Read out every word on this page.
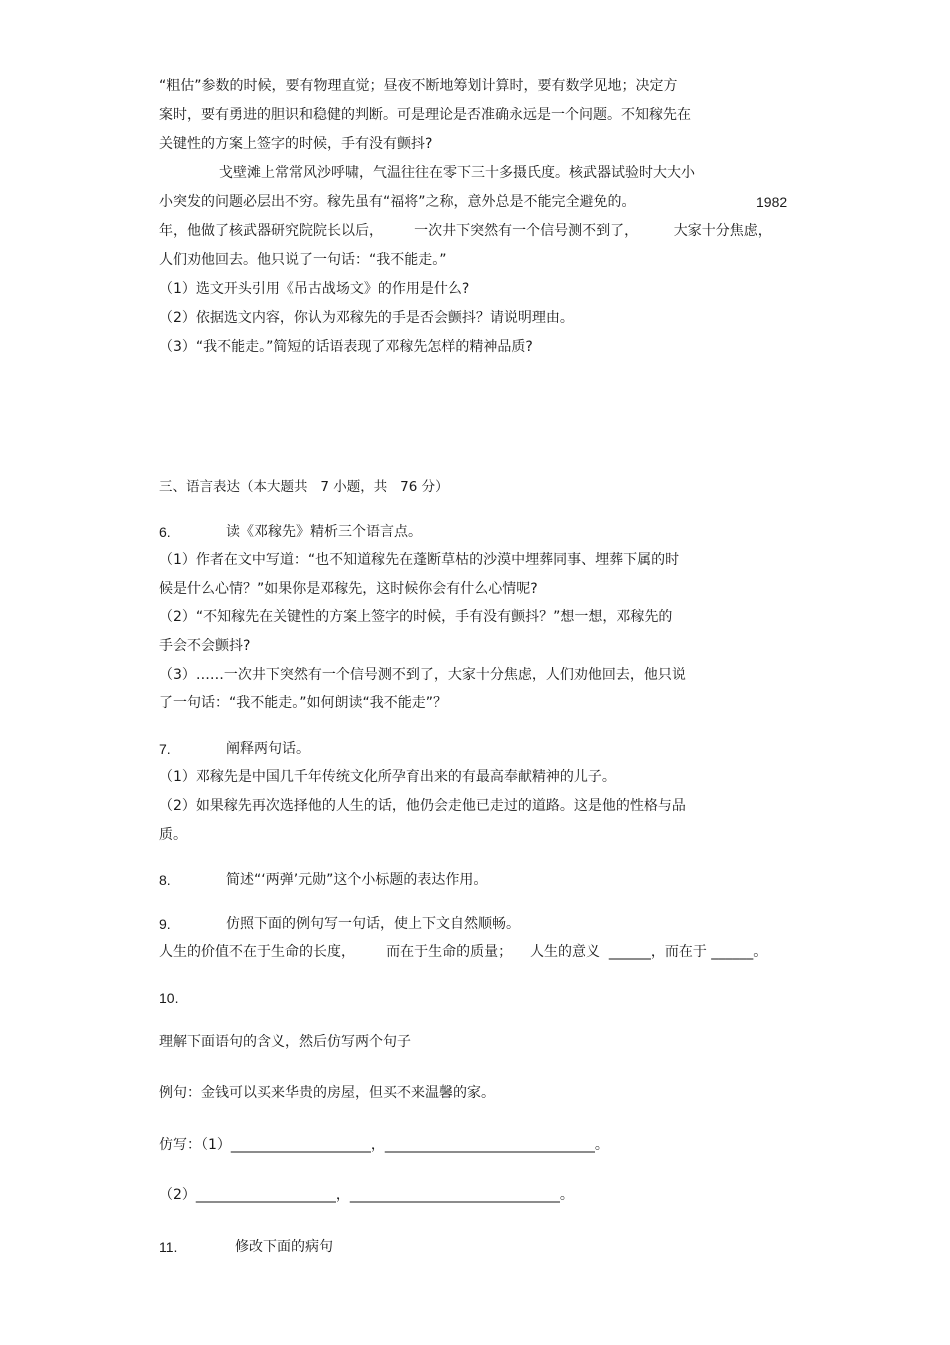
“粗估”参数的时候，要有物理直觉；昼夜不断地筹划计算时，要有数学见地；决定方
案时，要有勇进的胆识和稳健的判断。可是理论是否准确永远是一个问题。不知稼先在
关键性的方案上签字的时候，手有没有颤抖?
戈壁滩上常常风沙呼啸，气温往往在零下三十多摄氏度。核武器试验时大大小
小突发的问题必层出不穷。稼先虽有“福将”之称，意外总是不能完全避免的。	1982
年，他做了核武器研究院院长以后，       一次井下突然有一个信号测不到了，        大家十分焦虑，
人们劝他回去。他只说了一句话：“我不能走。”
（1）选文开头引用《吊古战场文》的作用是什么?
（2）依据选文内容，你认为邓稼先的手是否会颤抖？请说明理由。
（3）“我不能走。”简短的话语表现了邓稼先怎样的精神品质?
三、语言表达（本大题共   7 小题，共   76 分）
6.	读《邓稼先》精析三个语言点。
（1）作者在文中写道：“也不知道稼先在蓬断草枯的沙漠中埋葬同事、埋葬下属的时
候是什么心情？”如果你是邓稼先，这时候你会有什么心情呢?
（2）“不知稼先在关键性的方案上签字的时候，手有没有颤抖？”想一想，邓稼先的
手会不会颤抖?
（3）……一次井下突然有一个信号测不到了，大家十分焦虑，人们劝他回去，他只说
了一句话：“我不能走。”如何朗读“我不能走”？
7.	阐释两句话。
（1）邓稼先是中国几千年传统文化所孕育出来的有最高奉献精神的儿子。
（2）如果稼先再次选择他的人生的话，他仍会走他已走过的道路。这是他的性格与品
质。
8.	简述“‘两弹’元勋”这个小标题的表达作用。
9.	仿照下面的例句写一句话，使上下文自然顺畅。
人生的价值不在于生命的长度，       而在于生命的质量；    人生的意义  ______，而在于 ______。
10.
理解下面语句的含义，然后仿写两个句子
例句：金钱可以买来华贵的房屋，但买不来温馨的家。
仿写：（1）____________________，______________________________。
（2）____________________，______________________________。
11.	修改下面的病句
